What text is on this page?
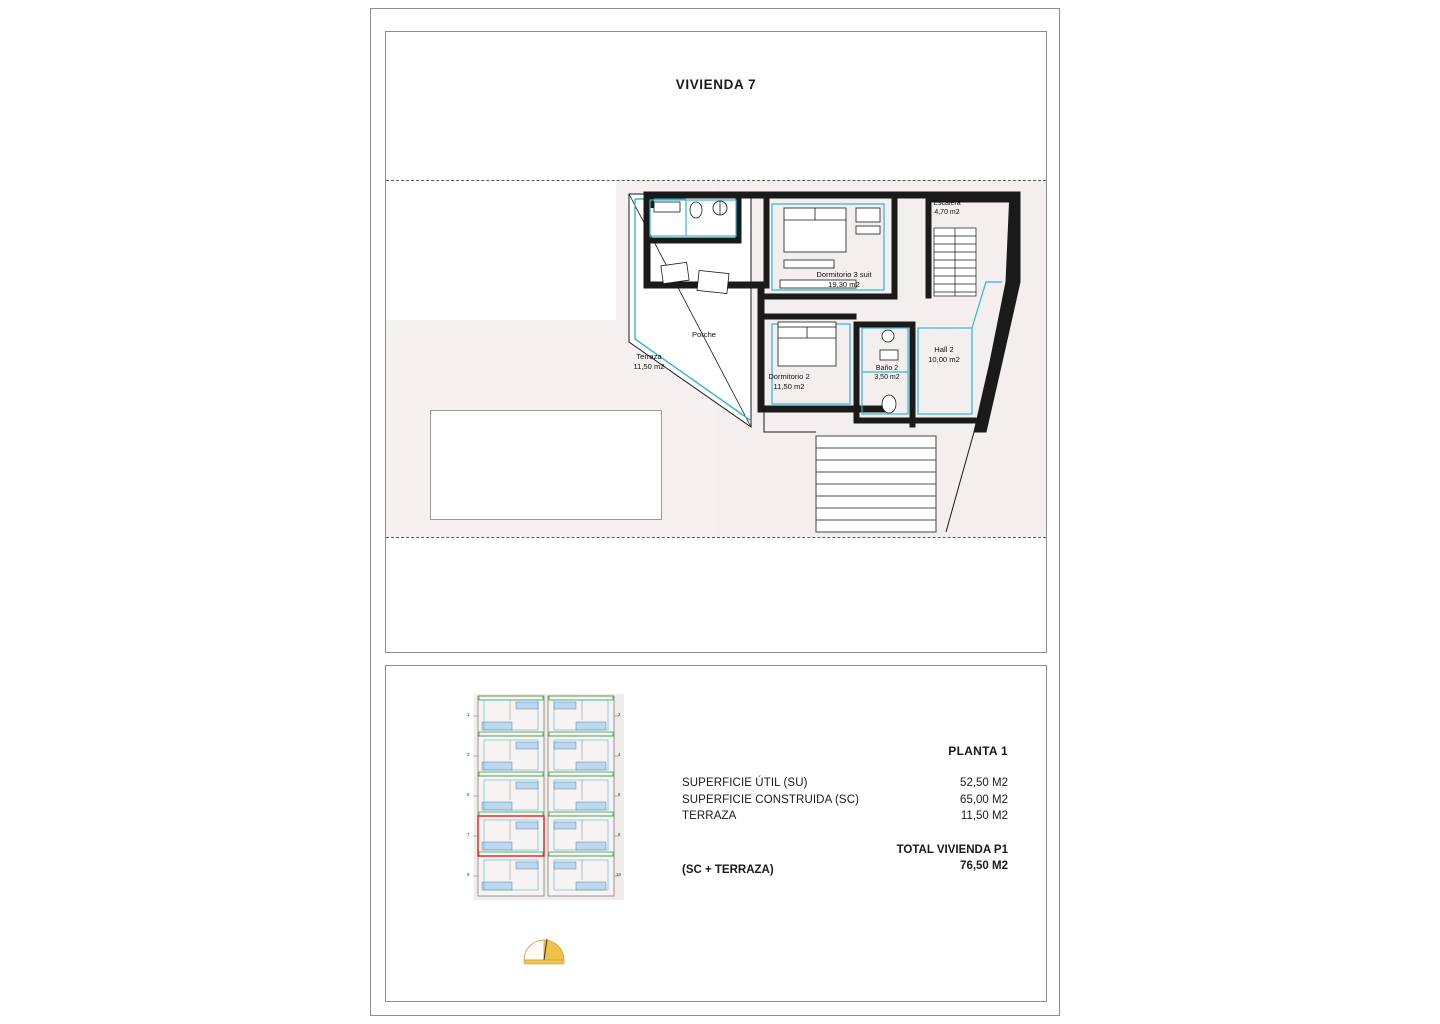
VIVIENDA 7
Terraza
11,50 m2
Porche
Dormitorio 2
11,50 m2
Dormitorio 3 suit
19,30 m2
Baño 2
3,50 m2
Hall 2
10,00 m2
Escalera
4,70 m2
1
3
5
7
9
2
4
6
8
10
PLANTA 1
SUPERFICIE ÚTIL (SU)	52,50 M2
SUPERFICIE CONSTRUIDA (SC)	65,00 M2
TERRAZA	11,50 M2
(SC + TERRAZA)
TOTAL VIVIENDA P1
76,50 M2
